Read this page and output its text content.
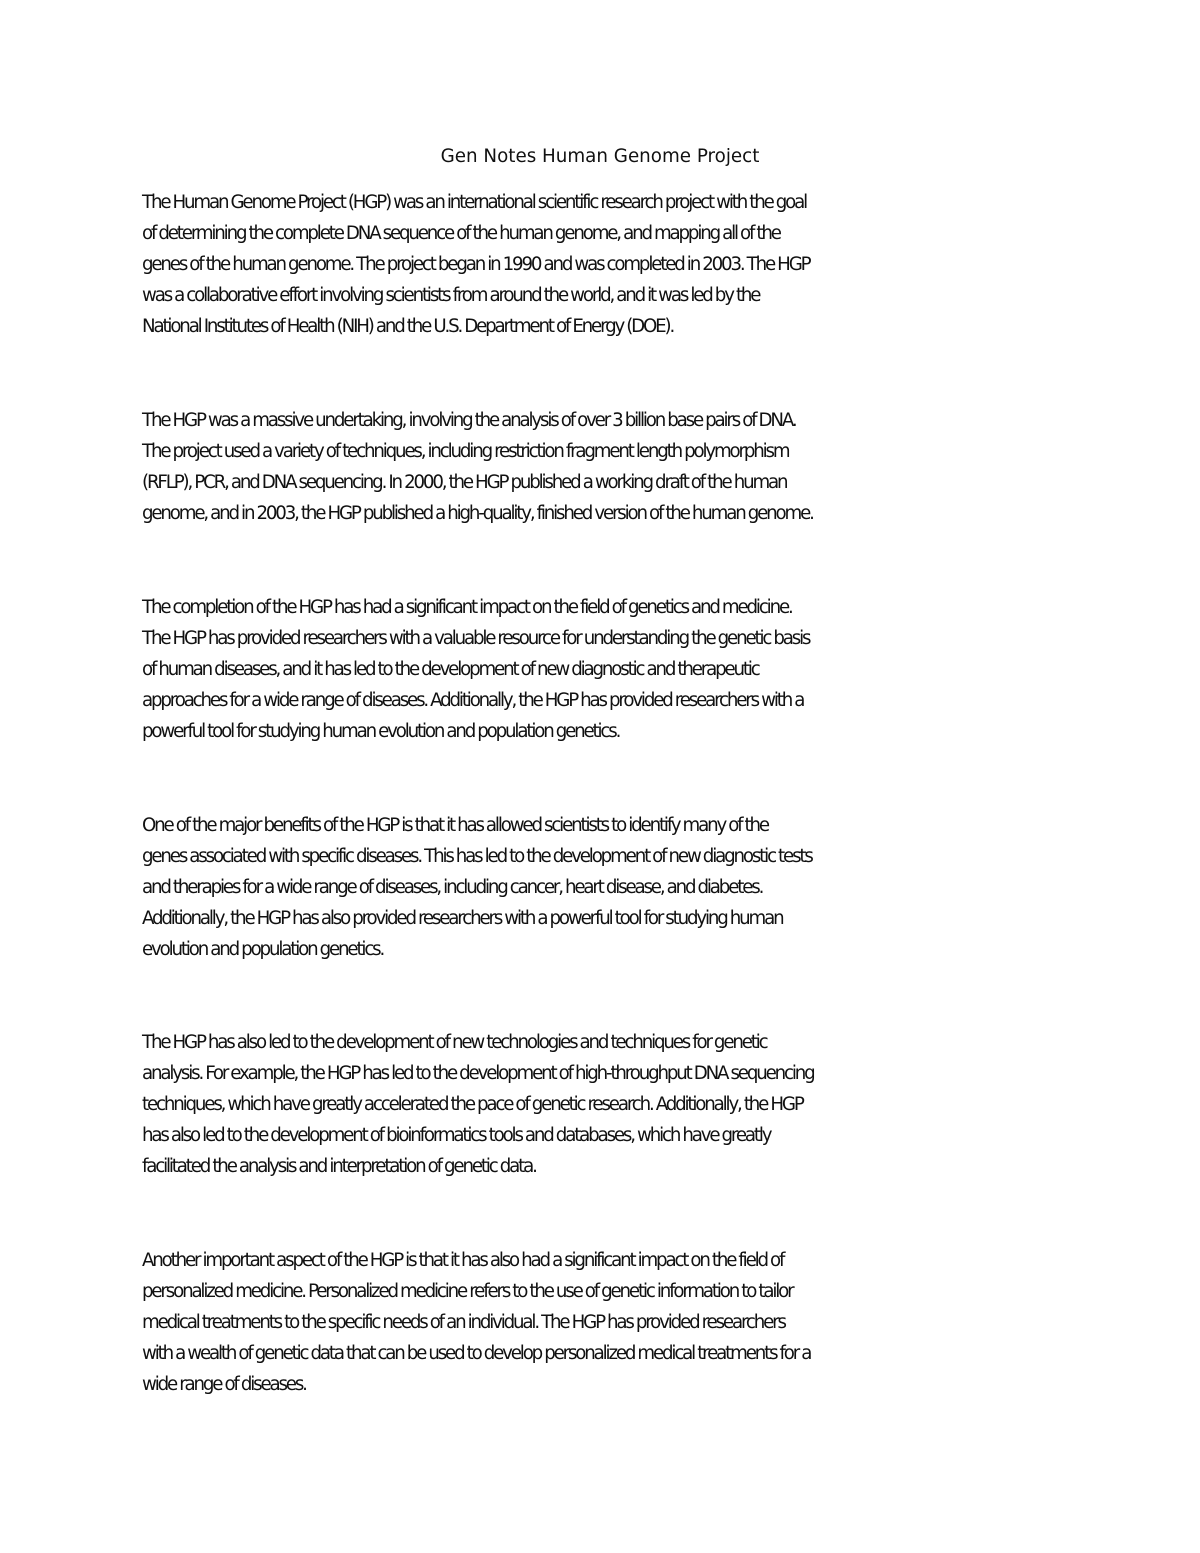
Gen Notes Human Genome Project

The Human Genome Project (HGP) was an international scientific research project with the goal
of determining the complete DNA sequence of the human genome, and mapping all of the
genes of the human genome. The project began in 1990 and was completed in 2003. The HGP
was a collaborative effort involving scientists from around the world, and it was led by the
National Institutes of Health (NIH) and the U.S. Department of Energy (DOE).

The HGP was a massive undertaking, involving the analysis of over 3 billion base pairs of DNA.
The project used a variety of techniques, including restriction fragment length polymorphism
(RFLP), PCR, and DNA sequencing. In 2000, the HGP published a working draft of the human
genome, and in 2003, the HGP published a high-quality, finished version of the human genome.

The completion of the HGP has had a significant impact on the field of genetics and medicine.
The HGP has provided researchers with a valuable resource for understanding the genetic basis
of human diseases, and it has led to the development of new diagnostic and therapeutic
approaches for a wide range of diseases. Additionally, the HGP has provided researchers with a
powerful tool for studying human evolution and population genetics.

One of the major benefits of the HGP is that it has allowed scientists to identify many of the
genes associated with specific diseases. This has led to the development of new diagnostic tests
and therapies for a wide range of diseases, including cancer, heart disease, and diabetes.
Additionally, the HGP has also provided researchers with a powerful tool for studying human
evolution and population genetics.

The HGP has also led to the development of new technologies and techniques for genetic
analysis. For example, the HGP has led to the development of high-throughput DNA sequencing
techniques, which have greatly accelerated the pace of genetic research. Additionally, the HGP
has also led to the development of bioinformatics tools and databases, which have greatly
facilitated the analysis and interpretation of genetic data.

Another important aspect of the HGP is that it has also had a significant impact on the field of
personalized medicine. Personalized medicine refers to the use of genetic information to tailor
medical treatments to the specific needs of an individual. The HGP has provided researchers
with a wealth of genetic data that can be used to develop personalized medical treatments for a
wide range of diseases.
